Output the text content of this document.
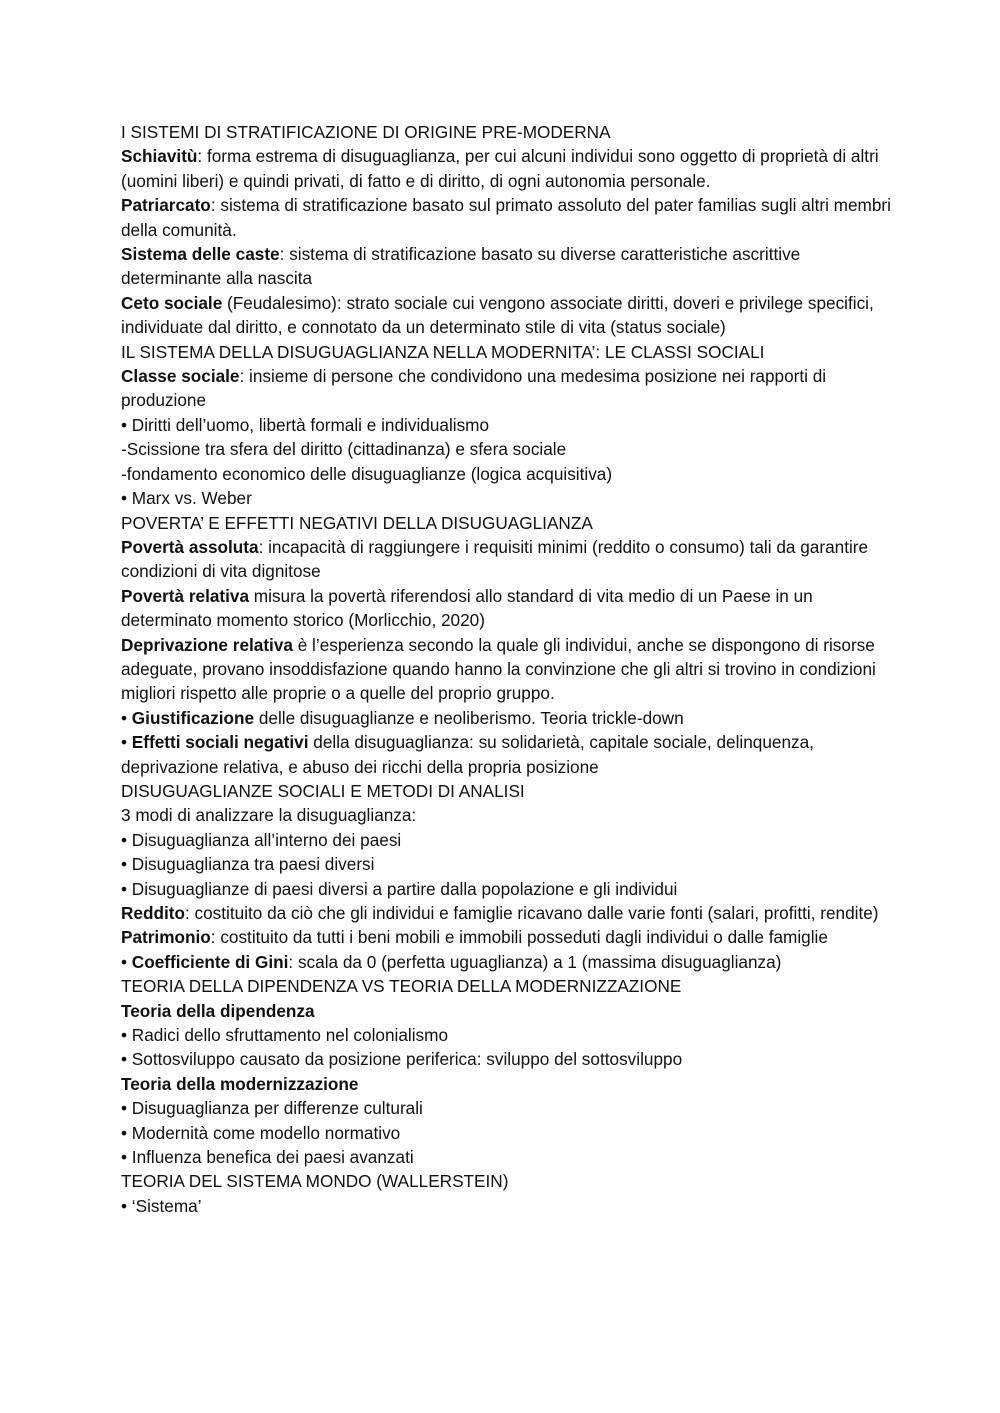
I SISTEMI DI STRATIFICAZIONE DI ORIGINE PRE-MODERNA

Schiavitù: forma estrema di disuguaglianza, per cui alcuni individui sono oggetto di proprietà di altri (uomini liberi) e quindi privati, di fatto e di diritto, di ogni autonomia personale.

Patriarcato: sistema di stratificazione basato sul primato assoluto del pater familias sugli altri membri della comunità.

Sistema delle caste: sistema di stratificazione basato su diverse caratteristiche ascrittive determinante alla nascita

Ceto sociale (Feudalesimo): strato sociale cui vengono associate diritti, doveri e privilege specifici, individuate dal diritto, e connotato da un determinato stile di vita (status sociale)

IL SISTEMA DELLA DISUGUAGLIANZA NELLA MODERNITA’: LE CLASSI SOCIALI

Classe sociale: insieme di persone che condividono una medesima posizione nei rapporti di produzione

• Diritti dell’uomo, libertà formali e individualismo

-Scissione tra sfera del diritto (cittadinanza) e sfera sociale

-fondamento economico delle disuguaglianze (logica acquisitiva)

• Marx vs. Weber

POVERTA’ E EFFETTI NEGATIVI DELLA DISUGUAGLIANZA

Povertà assoluta: incapacità di raggiungere i requisiti minimi (reddito o consumo) tali da garantire condizioni di vita dignitose

Povertà relativa misura la povertà riferendosi allo standard di vita medio di un Paese in un determinato momento storico (Morlicchio, 2020)

Deprivazione relativa è l’esperienza secondo la quale gli individui, anche se dispongono di risorse adeguate, provano insoddisfazione quando hanno la convinzione che gli altri si trovino in condizioni migliori rispetto alle proprie o a quelle del proprio gruppo.

• Giustificazione delle disuguaglianze e neoliberismo. Teoria trickle-down

• Effetti sociali negativi della disuguaglianza: su solidarietà, capitale sociale, delinquenza, deprivazione relativa, e abuso dei ricchi della propria posizione

DISUGUAGLIANZE SOCIALI E METODI DI ANALISI

3 modi di analizzare la disuguaglianza:

• Disuguaglianza all’interno dei paesi

• Disuguaglianza tra paesi diversi

• Disuguaglianze di paesi diversi a partire dalla popolazione e gli individui

Reddito: costituito da ciò che gli individui e famiglie ricavano dalle varie fonti (salari, profitti, rendite)

Patrimonio: costituito da tutti i beni mobili e immobili posseduti dagli individui o dalle famiglie

• Coefficiente di Gini: scala da 0 (perfetta uguaglianza) a 1 (massima disuguaglianza)

TEORIA DELLA DIPENDENZA VS TEORIA DELLA MODERNIZZAZIONE

Teoria della dipendenza

• Radici dello sfruttamento nel colonialismo

• Sottosviluppo causato da posizione periferica: sviluppo del sottosviluppo

Teoria della modernizzazione

• Disuguaglianza per differenze culturali

• Modernità come modello normativo

• Influenza benefica dei paesi avanzati

TEORIA DEL SISTEMA MONDO (WALLERSTEIN)

• ‘Sistema’
